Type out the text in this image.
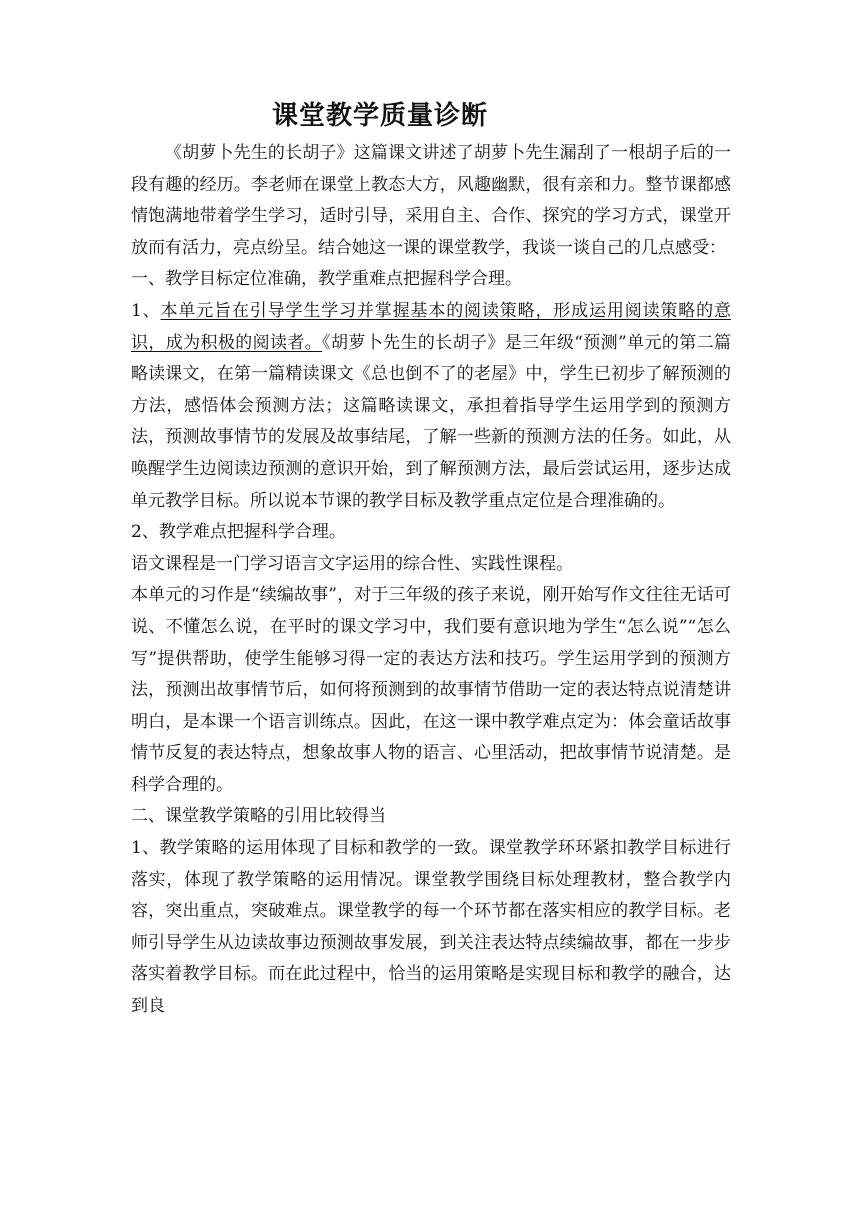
课堂教学质量诊断

《胡萝卜先生的长胡子》这篇课文讲述了胡萝卜先生漏刮了一根胡子后的一段有趣的经历。李老师在课堂上教态大方，风趣幽默，很有亲和力。整节课都感情饱满地带着学生学习，适时引导，采用自主、合作、探究的学习方式，课堂开放而有活力，亮点纷呈。结合她这一课的课堂教学，我谈一谈自己的几点感受：

一、教学目标定位准确，教学重难点把握科学合理。

1、本单元旨在引导学生学习并掌握基本的阅读策略，形成运用阅读策略的意识，成为积极的阅读者。《胡萝卜先生的长胡子》是三年级“预测”单元的第二篇略读课文，在第一篇精读课文《总也倒不了的老屋》中，学生已初步了解预测的方法，感悟体会预测方法；这篇略读课文，承担着指导学生运用学到的预测方法，预测故事情节的发展及故事结尾，了解一些新的预测方法的任务。如此，从唤醒学生边阅读边预测的意识开始，到了解预测方法，最后尝试运用，逐步达成单元教学目标。所以说本节课的教学目标及教学重点定位是合理准确的。

2、教学难点把握科学合理。

语文课程是一门学习语言文字运用的综合性、实践性课程。

本单元的习作是“续编故事”，对于三年级的孩子来说，刚开始写作文往往无话可说、不懂怎么说，在平时的课文学习中，我们要有意识地为学生“怎么说”“怎么写”提供帮助，使学生能够习得一定的表达方法和技巧。学生运用学到的预测方法，预测出故事情节后，如何将预测到的故事情节借助一定的表达特点说清楚讲明白，是本课一个语言训练点。因此，在这一课中教学难点定为：体会童话故事情节反复的表达特点，想象故事人物的语言、心里活动，把故事情节说清楚。是科学合理的。

二、课堂教学策略的引用比较得当

1、教学策略的运用体现了目标和教学的一致。课堂教学环环紧扣教学目标进行落实，体现了教学策略的运用情况。课堂教学围绕目标处理教材，整合教学内容，突出重点，突破难点。课堂教学的每一个环节都在落实相应的教学目标。老师引导学生从边读故事边预测故事发展，到关注表达特点续编故事，都在一步步落实着教学目标。而在此过程中，恰当的运用策略是实现目标和教学的融合，达到良
